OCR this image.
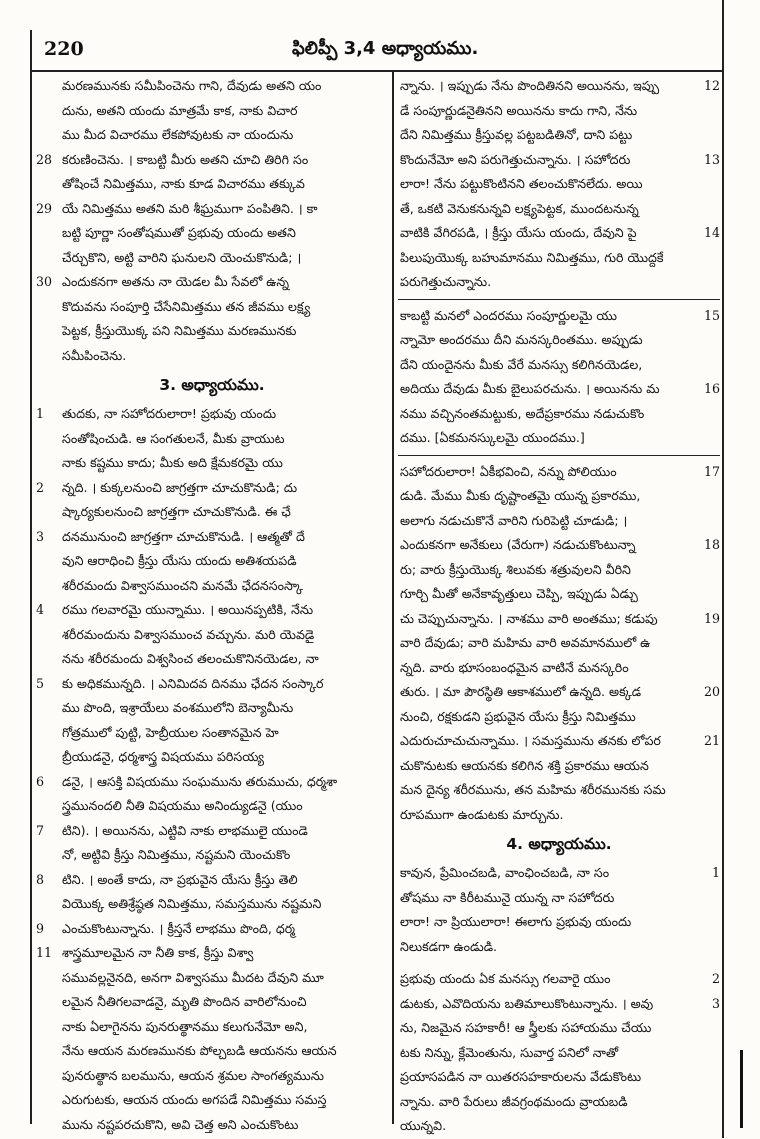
220	ఫిలిప్పీ 3,4 అధ్యాయము.
మరణమునకు సమీపించెను గాని, దేవుడు అతని యం
దును, అతని యందు మాత్రమే కాక, నాకు విచార
ము మీద విచారము లేకపోవుటకు నా యందును
28 కరుణించెను. । కాబట్టి మీరు అతని చూచి తిరిగి సం
తోషించే నిమిత్తము, నాకు కూడ విచారము తక్కువ
29 యే నిమిత్తము అతని మరి శీఘ్రముగా పంపితిని. । కా
బట్టి పూర్ణా సంతోషముతో ప్రభువు యందు అతని
చేర్చుకొని, అట్టి వారిని ఘనులని యెంచుకొనుడి; ।
30 ఎందుకనగా అతను నా యెడల మీ సేవలో ఉన్న
కొదువను సంపూర్తి చేసేనిమిత్తము తన జీవము లక్ష్య
పెట్టక, క్రీస్తుయొక్క పని నిమిత్తము మరణమునకు
సమీపించెను.
3. అధ్యాయము.
1 తుదకు, నా సహోదరులారా! ప్రభువు యందు
సంతోషించుడి. ఆ సంగతులనే, మీకు వ్రాయుట
నాకు కష్టము కాదు; మీకు అది క్షేమకరమై యు
2 న్నది. । కుక్కలనుంచి జాగ్రత్తగా చూచుకొనుడి; దు
ష్కార్యకులనుంచి జాగ్రత్తగా చూచుకొనుడి. ఈ ఛే
3 దనమునుంచి జాగ్రత్తగా చూచుకొనుడి. । ఆత్మతో దే
వుని ఆరాధించి క్రీస్తు యేసు యందు అతిశయపడి
శరీరమందు విశ్వాసముంచని మనమే ఛేదనసంస్కా
4 రము గలవారమై యున్నాము. । అయినప్పటికి, నేను
శరీరమందును విశ్వాసముంచ వచ్చును. మరి యెవడై
నను శరీరమందు విశ్వసించ తలంచుకొనినయెడల, నా
5 కు అధికమున్నది. । ఎనిమిదవ దినము ఛేదన సంస్కార
ము పొంది, ఇశ్రాయేలు వంశములోని బెన్యామీను
గోత్రములో పుట్టి, హెబ్రీయుల సంతానమైన హె
బ్రీయుడనై, ధర్మశాస్త్ర విషయము పరిసయ్య
6 డనై, । ఆసక్తి విషయము సంఘమును తరుముచు, ధర్మశా
స్త్రమునందలి నీతి విషయము అనింద్యుడనై (యుం
7 టిని). । అయినను, ఎట్టివి నాకు లాభములై యుండె
నో, అట్టివి క్రీస్తు నిమిత్తము, నష్టమని యెంచుకొం
8 టిని. । అంతే కాదు, నా ప్రభువైన యేసు క్రీస్తు తెలి
వియొక్క అతిశ్రేష్ఠత నిమిత్తము, సమస్తమును నష్టమని
9 ఎంచుకొంటున్నాను. । క్రీస్తనే లాభము పొంది, ధర్మ
11 శాస్త్రమూలమైన నా నీతి కాక, క్రీస్తు విశ్వా
సమువల్లనైనది, అనగా విశ్వాసము మీదట దేవుని మూ
లమైన నీతిగలవాడనై, మృతి పొందిన వారిలోనుంచి
నాకు ఏలాగైనను పునరుత్థానము కలుగునేమో అని,
నేను ఆయన మరణమునకు పోల్చబడి ఆయనను ఆయన
పునరుత్థాన బలమును, ఆయన శ్రమల సాంగత్యమును
ఎరుగుటకు, ఆయన యందు అగపడే నిమిత్తము సమస్త
మును నష్టపరచుకొని, అవి చెత్త అని ఎంచుకొంటు
12
న్నాను. । ఇప్పుడు నేను పొందితినని అయినను, ఇప్పు
డే సంపూర్ణుడనైతినని అయినను కాదు గాని, నేను
దేని నిమిత్తము క్రీస్తువల్ల పట్టబడితినో, దాని పట్టు
13
కొందునేమో అని పరుగెత్తుచున్నాను. । సహోదరు
లారా! నేను పట్టుకొంటినని తలంచుకొనలేదు. అయి
తే, ఒకటి వెనుకనున్నవి లక్ష్యపెట్టక, ముందటనున్న
14
వాటికి వేగిరపడి, । క్రీస్తు యేసు యందు, దేవుని పై
పిలుపుయొక్క బహుమానము నిమిత్తము, గురి యొద్దకే
పరుగెత్తుచున్నాను.
15
కాబట్టి మనలో ఎందరము సంపూర్ణులమై యు
న్నామో అందరము దీని మనస్కరింతము. అప్పుడు
దేని యందైనను మీకు వేరే మనస్సు కలిగినయెడల,
16
అదియు దేవుడు మీకు బైలుపరచును. । అయినను మ
నము వచ్చినంతమట్టుకు, అదేప్రకారము నడుచుకొం
దము. [ఏకమనస్కులమై యుందము.]
17
సహోదరులారా! ఏకీభవించి, నన్ను పోలియుం
డుడి. మేము మీకు దృష్టాంతమై యున్న ప్రకారము,
అలాగు నడుచుకొనే వారిని గురిపెట్టి చూడుడి; ।
18
ఎందుకనగా అనేకులు (వేరుగా) నడుచుకొంటున్నా
రు; వారు క్రీస్తుయొక్క శిలువకు శత్రువులని వీరిని
గూర్చి మీతో అనేకావృత్తులు చెప్పి, ఇప్పుడు ఏడ్చు
19
చు చెప్పుచున్నాను. । నాశము వారి అంతము; కడుపు
వారి దేవుడు; వారి మహిమ వారి అవమానములో ఉ
న్నది. వారు భూసంబంధమైన వాటినే మనస్కరిం
20
తురు. । మా పౌరస్థితి ఆకాశములో ఉన్నది. అక్కడ
నుంచి, రక్షకుడని ప్రభువైన యేసు క్రీస్తు నిమిత్తము
21
ఎదురుచూచుచున్నాము. । సమస్తమును తనకు లోపర
చుకొనుటకు ఆయనకు కలిగిన శక్తి ప్రకారము ఆయన
మన దైన్య శరీరమును, తన మహిమ శరీరమునకు సమ
రూపముగా ఉండుటకు మార్చును.
4. అధ్యాయము.
1
కావున, ప్రేమించబడి, వాంఛించబడి, నా సం
తోషము నా కిరీటమునై యున్న నా సహోదరు
లారా! నా ప్రియులారా! ఈలాగు ప్రభువు యందు
నిలుకడగా ఉండుడి.
2
ప్రభువు యందు ఏక మనస్సు గలవారై యుం
3
డుటకు, ఎవొదియను బతిమాలుకొంటున్నాను. । అవు
ను, నిజమైన సహకారీ! ఆ స్త్రీలకు సహాయము చేయు
టకు నిన్ను, క్లేమెంతును, సువార్త పనిలో నాతో
ప్రయాసపడిన నా యితరసహకారులను వేడుకొంటు
న్నాను. వారి పేరులు జీవగ్రంథమందు వ్రాయబడి
యున్నవి.
